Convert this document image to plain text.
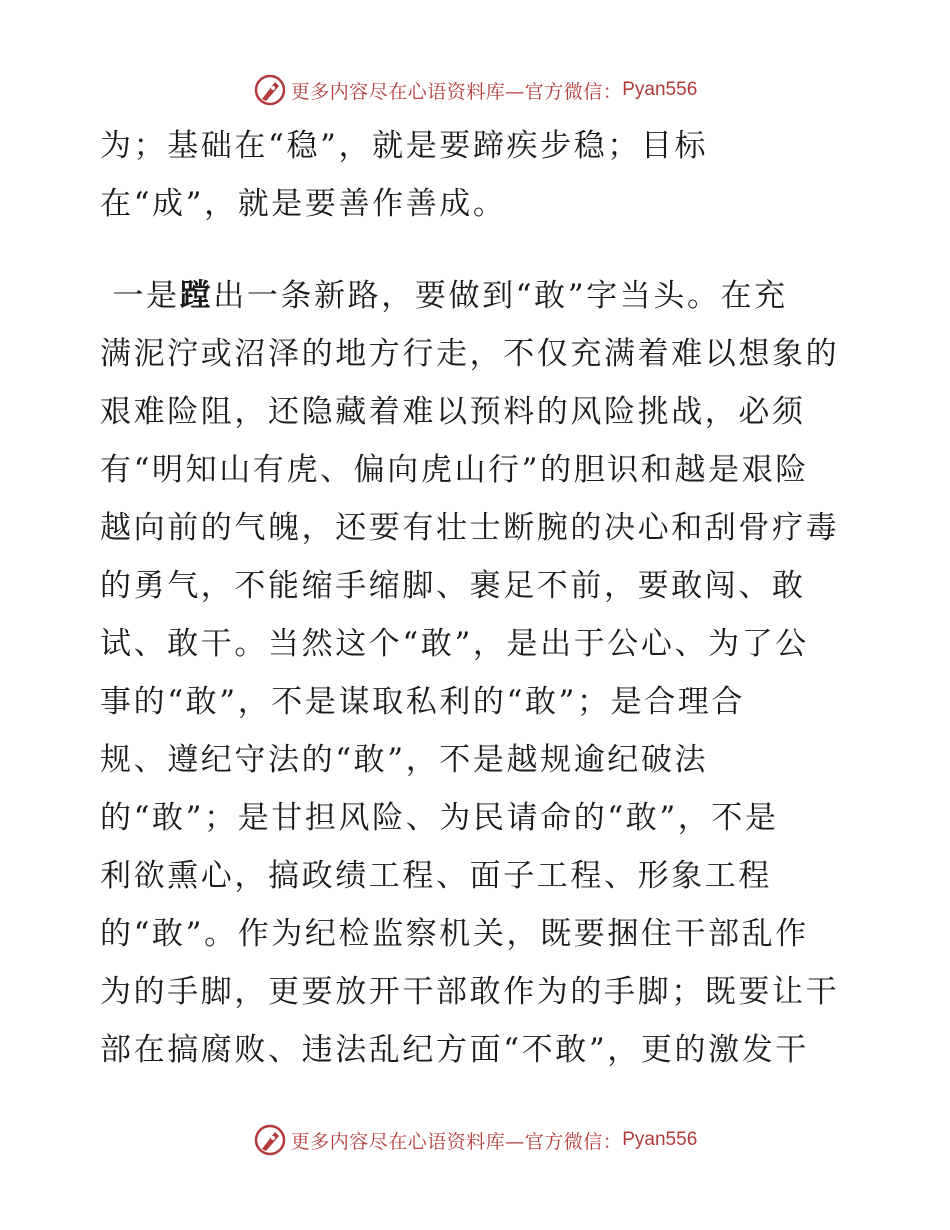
更多内容尽在心语资料库—官方微信： Pyan556
为；基础在“稳”，就是要蹄疾步稳；目标
在“成”，就是要善作善成。
一是蹚出一条新路，要做到“敢”字当头。在充
满泥泞或沼泽的地方行走，不仅充满着难以想象的
艰难险阻，还隐藏着难以预料的风险挑战，必须
有“明知山有虎、偏向虎山行”的胆识和越是艰险
越向前的气魄，还要有壮士断腕的决心和刮骨疗毒
的勇气，不能缩手缩脚、裹足不前，要敢闯、敢
试、敢干。当然这个“敢”，是出于公心、为了公
事的“敢”，不是谋取私利的“敢”；是合理合
规、遵纪守法的“敢”，不是越规逾纪破法
的“敢”；是甘担风险、为民请命的“敢”，不是
利欲熏心，搞政绩工程、面子工程、形象工程
的“敢”。作为纪检监察机关，既要捆住干部乱作
为的手脚，更要放开干部敢作为的手脚；既要让干
部在搞腐败、违法乱纪方面“不敢”，更的激发干
更多内容尽在心语资料库—官方微信： Pyan556
